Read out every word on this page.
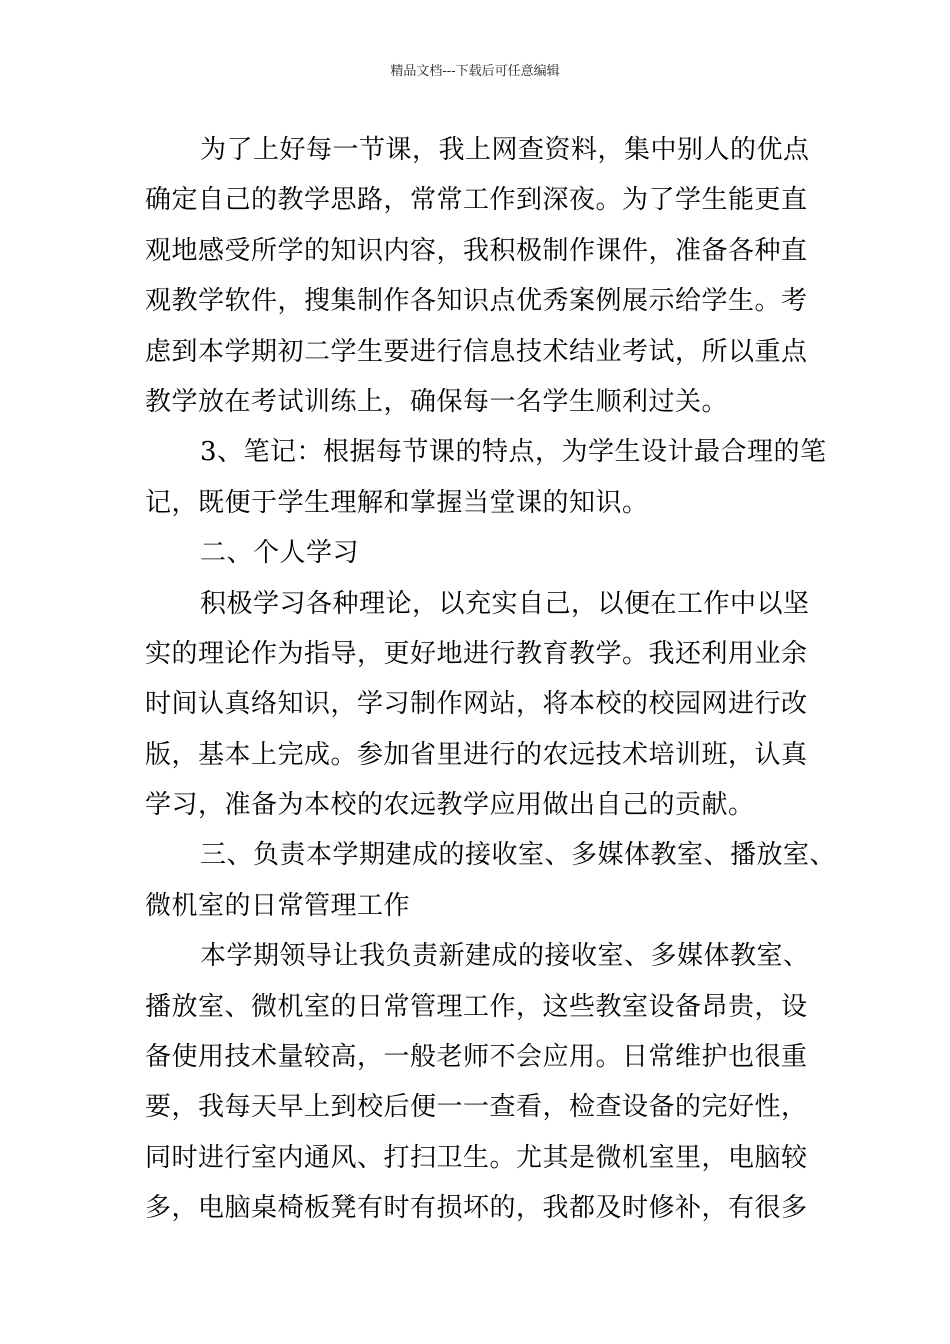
精品文档---下载后可任意编辑
为了上好每一节课，我上网查资料，集中别人的优点
确定自己的教学思路，常常工作到深夜。为了学生能更直
观地感受所学的知识内容，我积极制作课件，准备各种直
观教学软件，搜集制作各知识点优秀案例展示给学生。考
虑到本学期初二学生要进行信息技术结业考试，所以重点
教学放在考试训练上，确保每一名学生顺利过关。
3、笔记：根据每节课的特点，为学生设计最合理的笔
记，既便于学生理解和掌握当堂课的知识。
二、个人学习
积极学习各种理论，以充实自己，以便在工作中以坚
实的理论作为指导，更好地进行教育教学。我还利用业余
时间认真络知识，学习制作网站，将本校的校园网进行改
版，基本上完成。参加省里进行的农远技术培训班，认真
学习，准备为本校的农远教学应用做出自己的贡献。
三、负责本学期建成的接收室、多媒体教室、播放室、
微机室的日常管理工作
本学期领导让我负责新建成的接收室、多媒体教室、
播放室、微机室的日常管理工作，这些教室设备昂贵，设
备使用技术量较高，一般老师不会应用。日常维护也很重
要，我每天早上到校后便一一查看，检查设备的完好性，
同时进行室内通风、打扫卫生。尤其是微机室里，电脑较
多，电脑桌椅板凳有时有损坏的，我都及时修补，有很多
